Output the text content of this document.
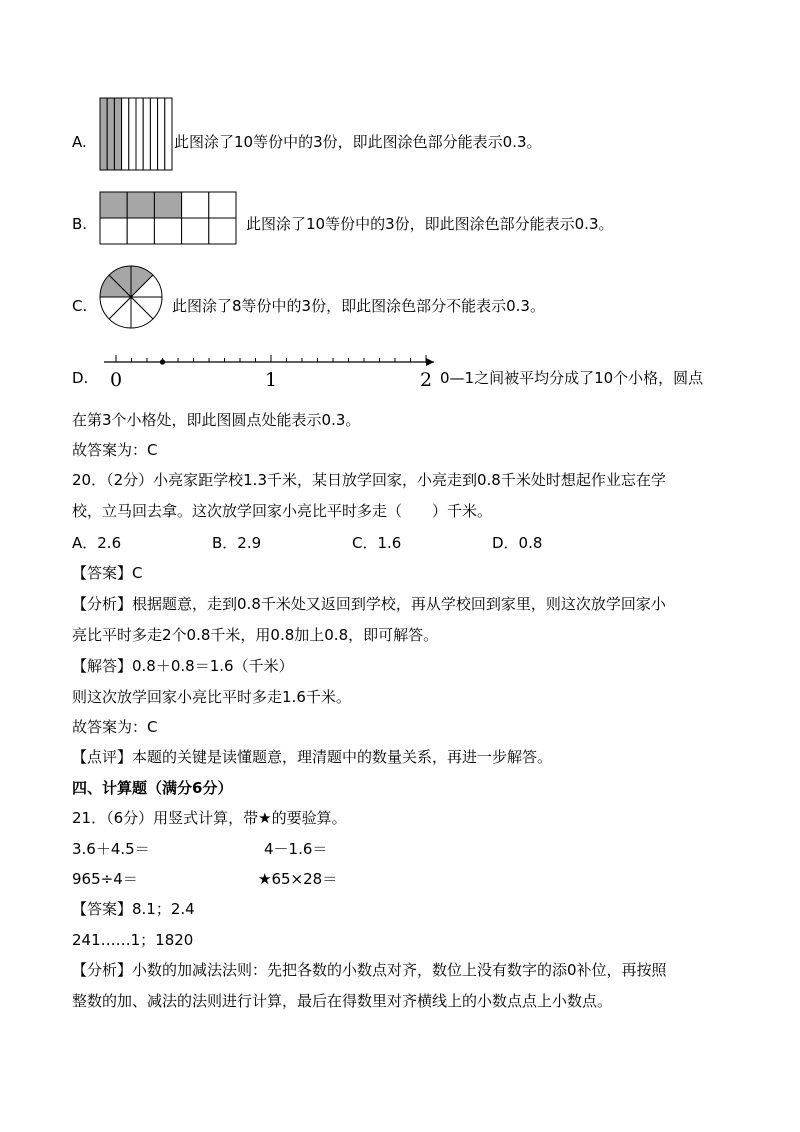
A.	此图涂了10等份中的3份，即此图涂色部分能表示0.3。
B.	此图涂了10等份中的3份，即此图涂色部分能表示0.3。
C.	此图涂了8等份中的3份，即此图涂色部分不能表示0.3。
D. 0	1	2 0—1之间被平均分成了10个小格，圆点
在第3个小格处，即此图圆点处能表示0.3。
故答案为：C
20．（2分）小亮家距学校1.3千米，某日放学回家，小亮走到0.8千米处时想起作业忘在学
校，立马回去拿。这次放学回家小亮比平时多走（　　）千米。
A．2.6	B．2.9	C．1.6	D．0.8
【答案】C
【分析】根据题意，走到0.8千米处又返回到学校，再从学校回到家里，则这次放学回家小
亮比平时多走2个0.8千米，用0.8加上0.8，即可解答。
【解答】0.8＋0.8＝1.6（千米）
则这次放学回家小亮比平时多走1.6千米。
故答案为：C
【点评】本题的关键是读懂题意，理清题中的数量关系，再进一步解答。
四、计算题（满分6分）
21．（6分）用竖式计算，带★的要验算。
3.6＋4.5＝	4－1.6＝
965÷4＝	★65×28＝
【答案】8.1；2.4
241……1；1820
【分析】小数的加减法法则：先把各数的小数点对齐，数位上没有数字的添0补位，再按照
整数的加、减法的法则进行计算，最后在得数里对齐横线上的小数点点上小数点。
